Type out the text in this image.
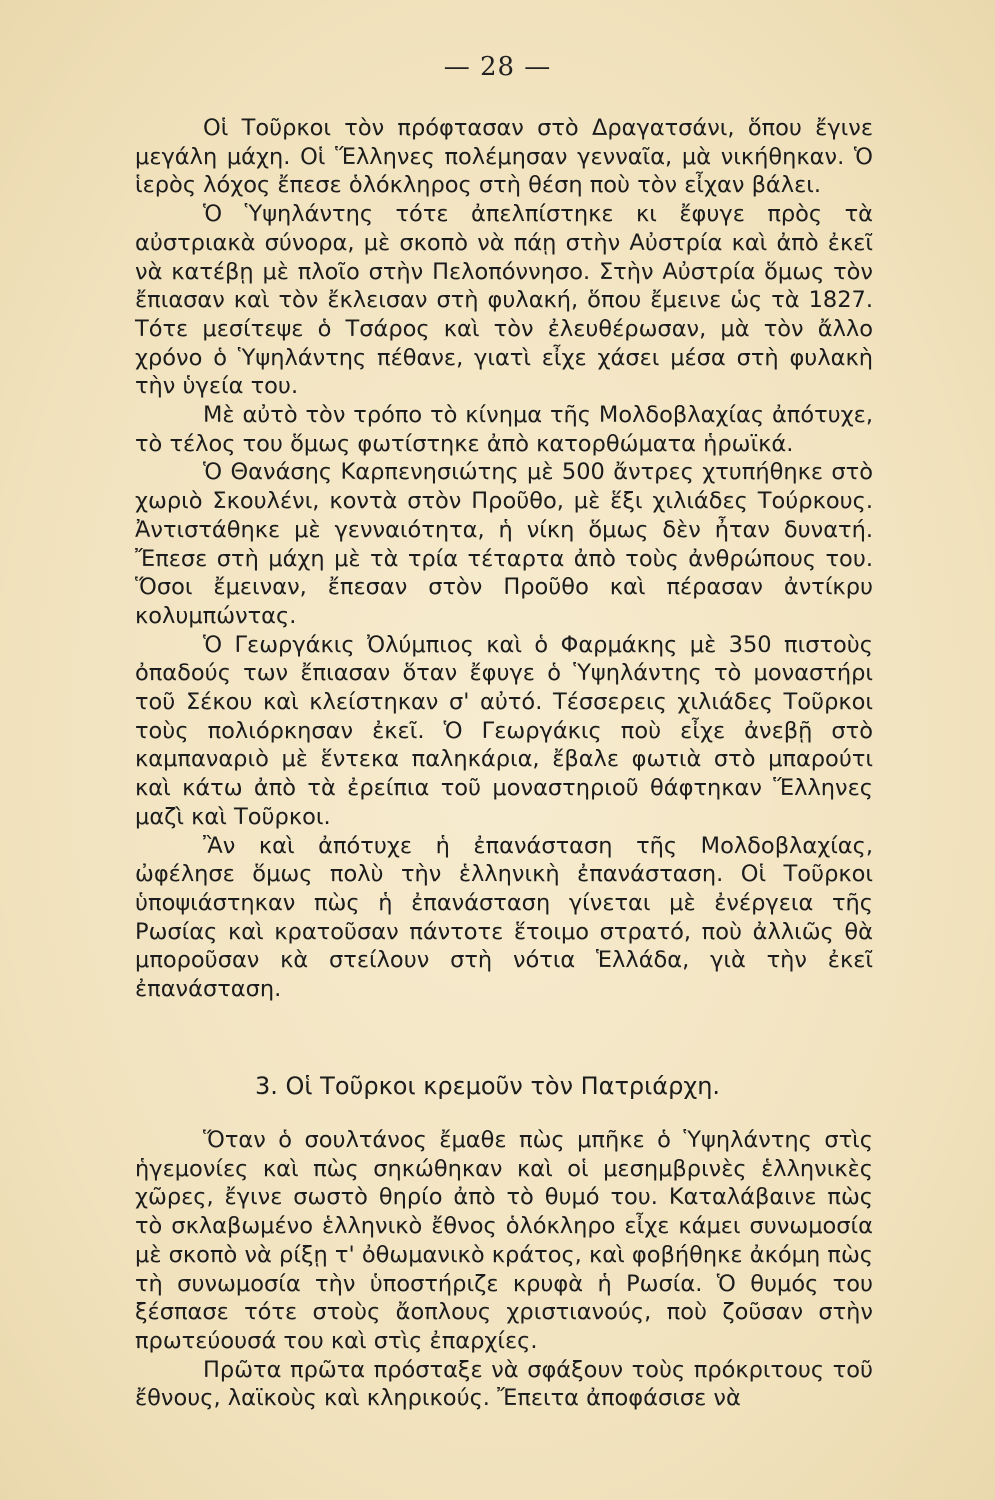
— 28 —

Οἱ Τοῦρκοι τὸν πρόφτασαν στὸ Δραγατσάνι, ὅπου ἔγινε μεγάλη μάχη. Οἱ Ἕλληνες πολέμησαν γενναῖα, μὰ νικήθηκαν. Ὁ ἱερὸς λόχος ἔπεσε ὁλόκληρος στὴ θέση ποὺ τὸν εἶχαν βάλει.

Ὁ Ὑψηλάντης τότε ἀπελπίστηκε κι ἔφυγε πρὸς τὰ αὐστριακὰ σύνορα, μὲ σκοπὸ νὰ πάῃ στὴν Αὐστρία καὶ ἀπὸ ἐκεῖ νὰ κατέβῃ μὲ πλοῖο στὴν Πελοπόννησο. Στὴν Αὐστρία ὅμως τὸν ἔπιασαν καὶ τὸν ἔκλεισαν στὴ φυλακή, ὅπου ἔμεινε ὡς τὰ 1827. Τότε μεσίτεψε ὁ Τσάρος καὶ τὸν ἐλευθέρωσαν, μὰ τὸν ἄλλο χρόνο ὁ Ὑψηλάντης πέθανε, γιατὶ εἶχε χάσει μέσα στὴ φυλακὴ τὴν ὑγεία του.

Μὲ αὐτὸ τὸν τρόπο τὸ κίνημα τῆς Μολδοβλαχίας ἀπότυχε, τὸ τέλος του ὅμως φωτίστηκε ἀπὸ κατορθώματα ἡρωϊκά.

Ὁ Θανάσης Καρπενησιώτης μὲ 500 ἄντρες χτυπήθηκε στὸ χωριὸ Σκουλένι, κοντὰ στὸν Προῦθο, μὲ ἕξι χιλιάδες Τούρκους. Ἀντιστάθηκε μὲ γενναιότητα, ἡ νίκη ὅμως δὲν ἦταν δυνατή. Ἔπεσε στὴ μάχη μὲ τὰ τρία τέταρτα ἀπὸ τοὺς ἀνθρώπους του. Ὅσοι ἔμειναν, ἔπεσαν στὸν Προῦθο καὶ πέρασαν ἀντίκρυ κολυμπώντας.

Ὁ Γεωργάκις Ὀλύμπιος καὶ ὁ Φαρμάκης μὲ 350 πιστοὺς ὀπαδούς των ἔπιασαν ὅταν ἔφυγε ὁ Ὑψηλάντης τὸ μοναστήρι τοῦ Σέκου καὶ κλείστηκαν σ' αὐτό. Τέσσερεις χιλιάδες Τοῦρκοι τοὺς πολιόρκησαν ἐκεῖ. Ὁ Γεωργάκις ποὺ εἶχε ἀνεβῇ στὸ καμπαναριὸ μὲ ἕντεκα παληκάρια, ἔβαλε φωτιὰ στὸ μπαρούτι καὶ κάτω ἀπὸ τὰ ἐρείπια τοῦ μοναστηριοῦ θάφτηκαν Ἕλληνες μαζὶ καὶ Τοῦρκοι.

Ἂν καὶ ἀπότυχε ἡ ἐπανάσταση τῆς Μολδοβλαχίας, ὠφέλησε ὅμως πολὺ τὴν ἑλληνικὴ ἐπανάσταση. Οἱ Τοῦρκοι ὑποψιάστηκαν πὼς ἡ ἐπανάσταση γίνεται μὲ ἐνέργεια τῆς Ρωσίας καὶ κρατοῦσαν πάντοτε ἕτοιμο στρατό, ποὺ ἀλλιῶς θὰ μποροῦσαν κὰ στείλουν στὴ νότια Ἑλλάδα, γιὰ τὴν ἐκεῖ ἐπανάσταση.

3. Οἱ Τοῦρκοι κρεμοῦν τὸν Πατριάρχη.

Ὅταν ὁ σουλτάνος ἔμαθε πὼς μπῆκε ὁ Ὑψηλάντης στὶς ἡγεμονίες καὶ πὼς σηκώθηκαν καὶ οἱ μεσημβρινὲς ἑλληνικὲς χῶρες, ἔγινε σωστὸ θηρίο ἀπὸ τὸ θυμό του. Καταλάβαινε πὼς τὸ σκλαβωμένο ἑλληνικὸ ἔθνος ὁλόκληρο εἶχε κάμει συνωμοσία μὲ σκοπὸ νὰ ρίξῃ τ' ὀθωμανικὸ κράτος, καὶ φοβήθηκε ἀκόμη πὼς τὴ συνωμοσία τὴν ὑποστήριζε κρυφὰ ἡ Ρωσία. Ὁ θυμός του ξέσπασε τότε στοὺς ἄοπλους χριστιανούς, ποὺ ζοῦσαν στὴν πρωτεύουσά του καὶ στὶς ἐπαρχίες.

Πρῶτα πρῶτα πρόσταξε νὰ σφάξουν τοὺς πρόκριτους τοῦ ἔθνους, λαϊκοὺς καὶ κληρικούς. Ἔπειτα ἀποφάσισε νὰ
